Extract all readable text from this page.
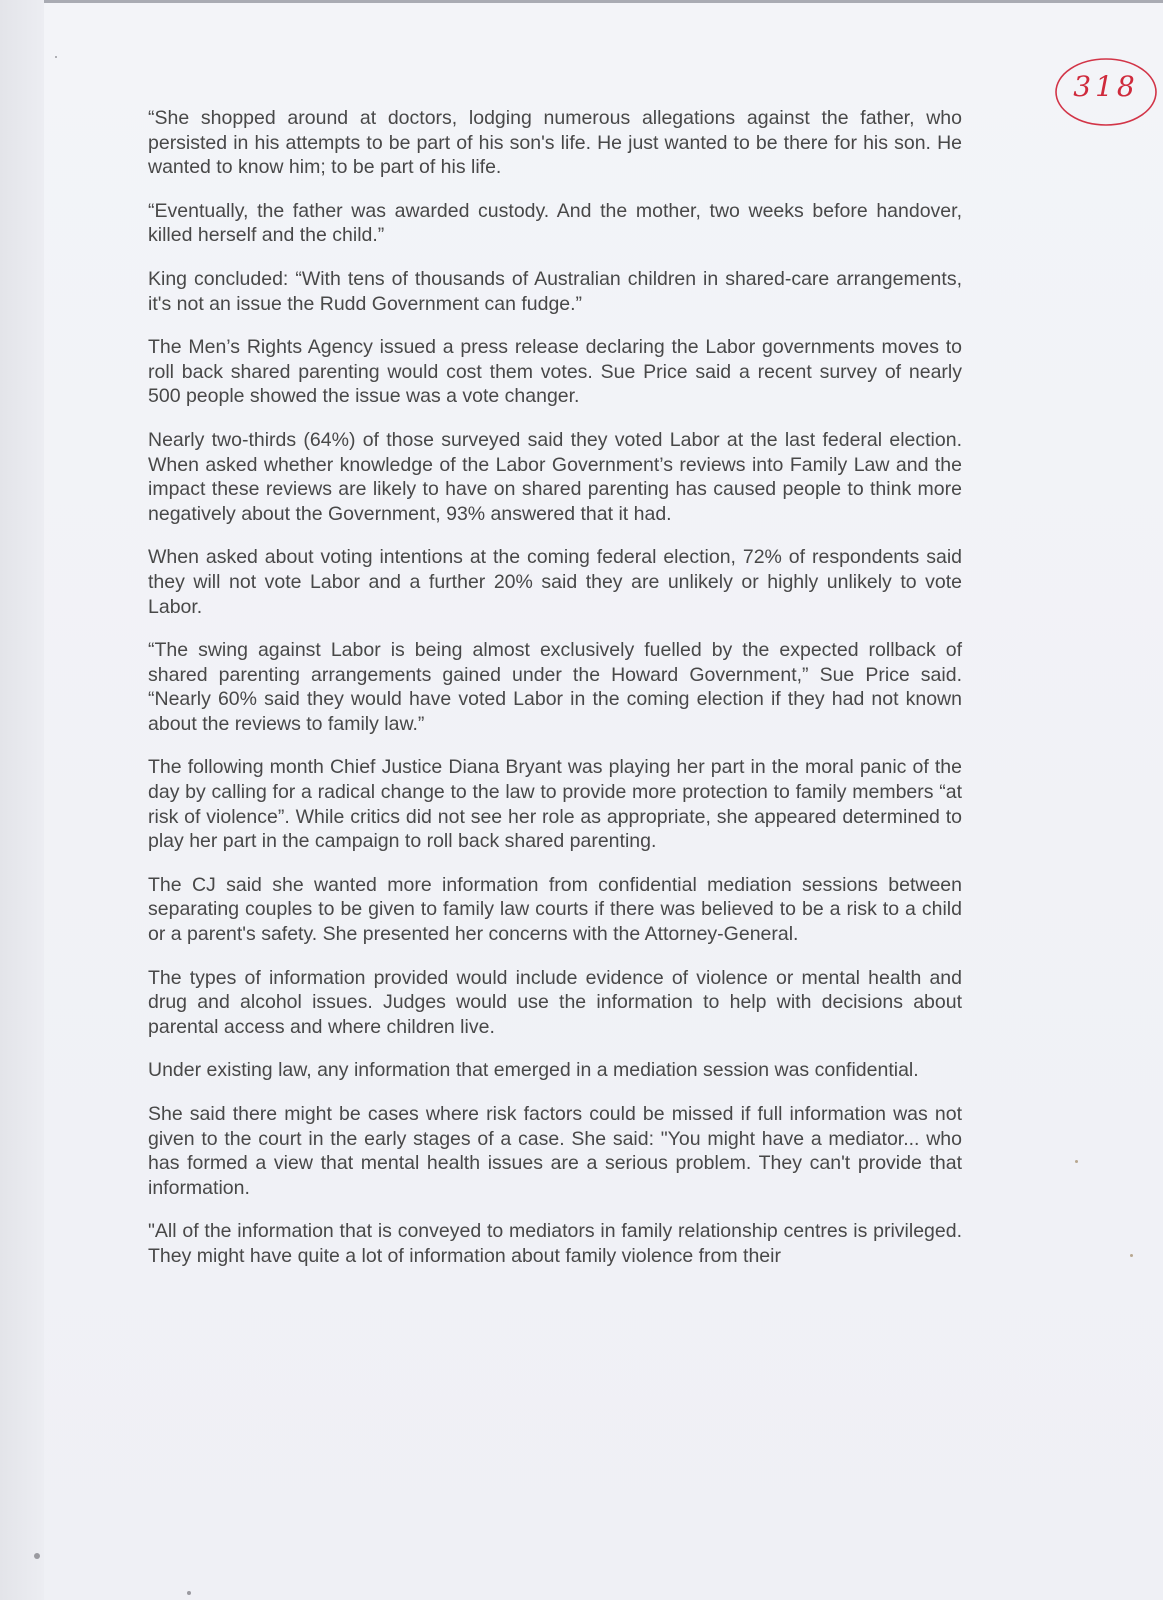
318

“She shopped around at doctors, lodging numerous allegations against the father, who persisted in his attempts to be part of his son's life. He just wanted to be there for his son. He wanted to know him; to be part of his life.

“Eventually, the father was awarded custody. And the mother, two weeks before handover, killed herself and the child.”

King concluded: “With tens of thousands of Australian children in shared-care arrangements, it's not an issue the Rudd Government can fudge.”

The Men’s Rights Agency issued a press release declaring the Labor governments moves to roll back shared parenting would cost them votes. Sue Price said a recent survey of nearly 500 people showed the issue was a vote changer.

Nearly two-thirds (64%) of those surveyed said they voted Labor at the last federal election. When asked whether knowledge of the Labor Government’s reviews into Family Law and the impact these reviews are likely to have on shared parenting has caused people to think more negatively about the Government, 93% answered that it had.

When asked about voting intentions at the coming federal election, 72% of respondents said they will not vote Labor and a further 20% said they are unlikely or highly unlikely to vote Labor.

“The swing against Labor is being almost exclusively fuelled by the expected rollback of shared parenting arrangements gained under the Howard Government,” Sue Price said. “Nearly 60% said they would have voted Labor in the coming election if they had not known about the reviews to family law.”

The following month Chief Justice Diana Bryant was playing her part in the moral panic of the day by calling for a radical change to the law to provide more protection to family members “at risk of violence”. While critics did not see her role as appropriate, she appeared determined to play her part in the campaign to roll back shared parenting.

The CJ said she wanted more information from confidential mediation sessions between separating couples to be given to family law courts if there was believed to be a risk to a child or a parent's safety. She presented her concerns with the Attorney-General.

The types of information provided would include evidence of violence or mental health and drug and alcohol issues. Judges would use the information to help with decisions about parental access and where children live.

Under existing law, any information that emerged in a mediation session was confidential.

She said there might be cases where risk factors could be missed if full information was not given to the court in the early stages of a case. She said: "You might have a mediator... who has formed a view that mental health issues are a serious problem. They can't provide that information.

"All of the information that is conveyed to mediators in family relationship centres is privileged. They might have quite a lot of information about family violence from their
